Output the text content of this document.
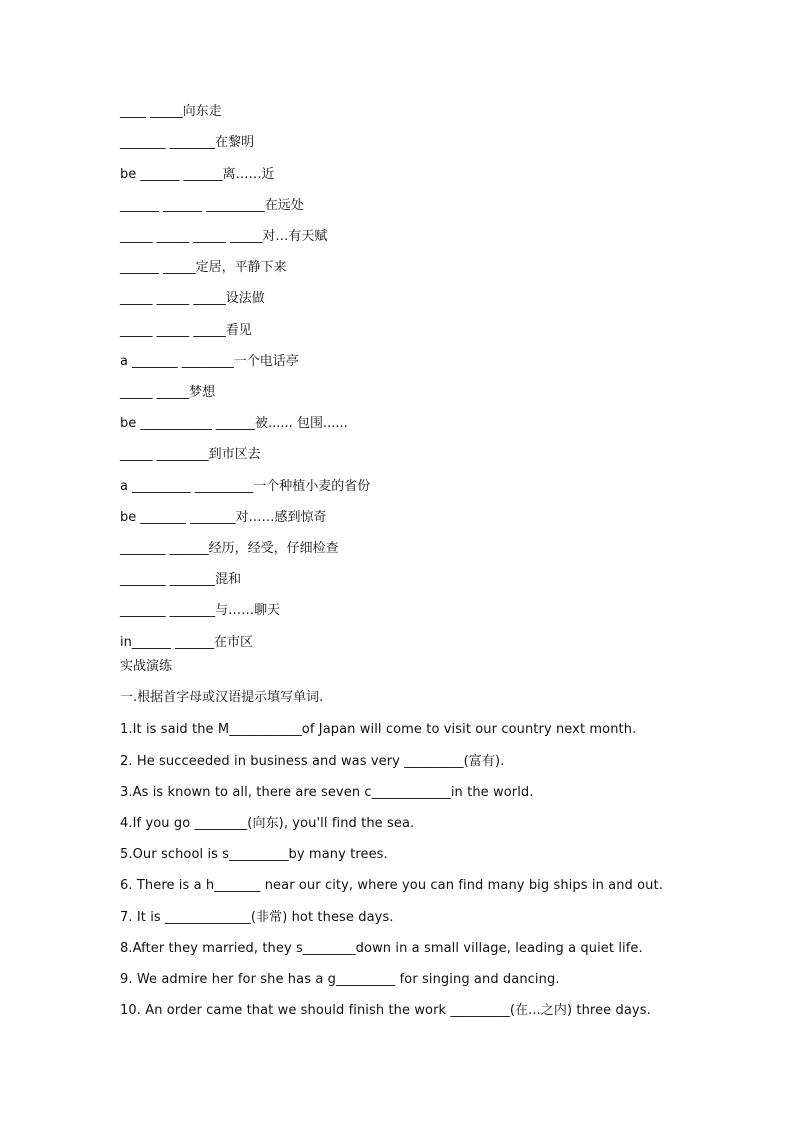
____ _____向东走
_______ _______在黎明
be ______ ______离……近
______ ______ _________在远处
_____ _____ _____ _____对…有天赋
______ _____定居，平静下来
_____ _____ _____设法做
_____ _____ _____看见
a _______ ________一个电话亭
_____ _____梦想
be ___________ ______被...... 包围......
_____ ________到市区去
a _________ _________一个种植小麦的省份
be _______ _______对……感到惊奇
_______ ______经历，经受，仔细检查
_______ _______混和
_______ _______与……聊天
in______ ______在市区
实战演练
一.根据首字母或汉语提示填写单词.
1.It is said the M___________of Japan will come to visit our country next month.
2. He succeeded in business and was very _________(富有).
3.As is known to all, there are seven c____________in the world.
4.If you go ________(向东), you'll find the sea.
5.Our school is s_________by many trees.
6. There is a h_______ near our city, where you can find many big ships in and out.
7. It is _____________(非常) hot these days.
8.After they married, they s________down in a small village, leading a quiet life.
9. We admire her for she has a g_________ for singing and dancing.
10. An order came that we should finish the work _________(在...之内) three days.
